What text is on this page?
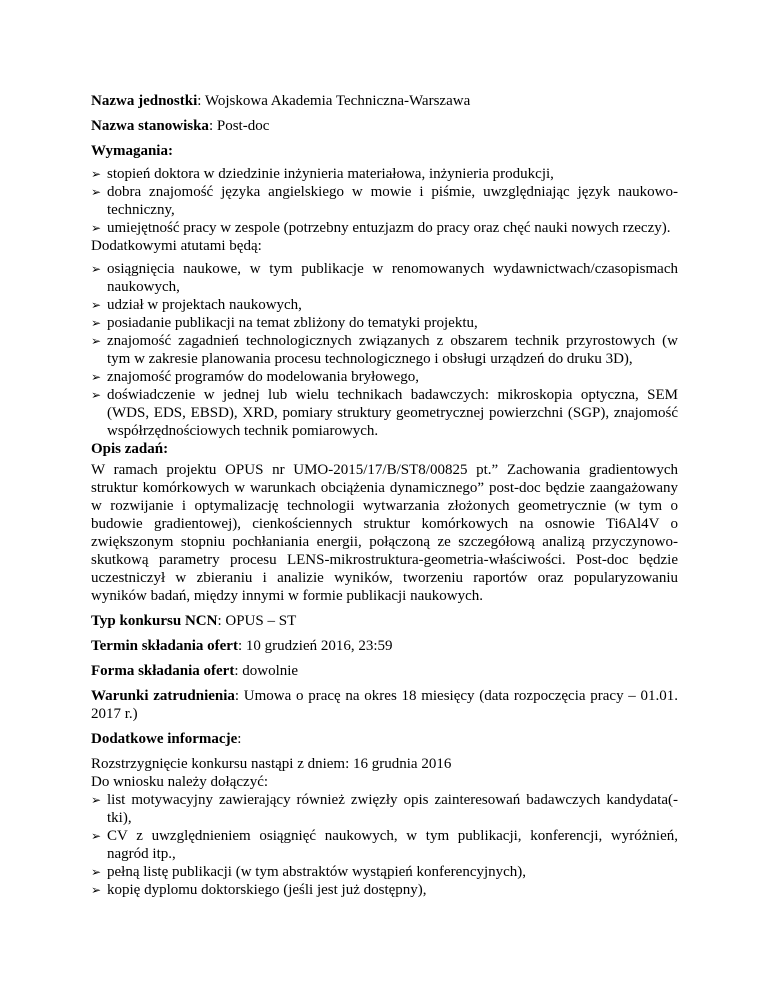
Nazwa jednostki: Wojskowa Akademia Techniczna-Warszawa

Nazwa stanowiska: Post-doc

Wymagania:

➢ stopień doktora w dziedzinie inżynieria materiałowa, inżynieria produkcji,
➢ dobra znajomość języka angielskiego w mowie i piśmie, uwzględniając język naukowo-techniczny,
➢ umiejętność pracy w zespole (potrzebny entuzjazm do pracy oraz chęć nauki nowych rzeczy).

Dodatkowymi atutami będą:

➢ osiągnięcia naukowe, w tym publikacje w renomowanych wydawnictwach/czasopismach naukowych,
➢ udział w projektach naukowych,
➢ posiadanie publikacji na temat zbliżony do tematyki projektu,
➢ znajomość zagadnień technologicznych związanych z obszarem technik przyrostowych (w tym w zakresie planowania procesu technologicznego i obsługi urządzeń do druku 3D),
➢ znajomość programów do modelowania bryłowego,
➢ doświadczenie w jednej lub wielu technikach badawczych: mikroskopia optyczna, SEM (WDS, EDS, EBSD), XRD, pomiary struktury geometrycznej powierzchni (SGP), znajomość współrzędnościowych technik pomiarowych.

Opis zadań:

W ramach projektu OPUS nr UMO-2015/17/B/ST8/00825 pt.” Zachowania gradientowych struktur komórkowych w warunkach obciążenia dynamicznego” post-doc będzie zaangażowany w rozwijanie i optymalizację technologii wytwarzania złożonych geometrycznie (w tym o budowie gradientowej), cienkościennych struktur komórkowych na osnowie Ti6Al4V o zwiększonym stopniu pochłaniania energii, połączoną ze szczegółową analizą przyczynowo-skutkową parametry procesu LENS-mikrostruktura-geometria-właściwości. Post-doc będzie uczestniczył w zbieraniu i analizie wyników, tworzeniu raportów oraz popularyzowaniu wyników badań, między innymi w formie publikacji naukowych.

Typ konkursu NCN: OPUS – ST

Termin składania ofert: 10 grudzień 2016, 23:59

Forma składania ofert: dowolnie

Warunki zatrudnienia: Umowa o pracę na okres 18 miesięcy (data rozpoczęcia pracy – 01.01. 2017 r.)

Dodatkowe informacje:

Rozstrzygnięcie konkursu nastąpi z dniem: 16 grudnia 2016

Do wniosku należy dołączyć:

➢ list motywacyjny zawierający również zwięzły opis zainteresowań badawczych kandydata(-tki),
➢ CV z uwzględnieniem osiągnięć naukowych, w tym publikacji, konferencji, wyróżnień, nagród itp.,
➢ pełną listę publikacji (w tym abstraktów wystąpień konferencyjnych),
➢ kopię dyplomu doktorskiego (jeśli jest już dostępny),
